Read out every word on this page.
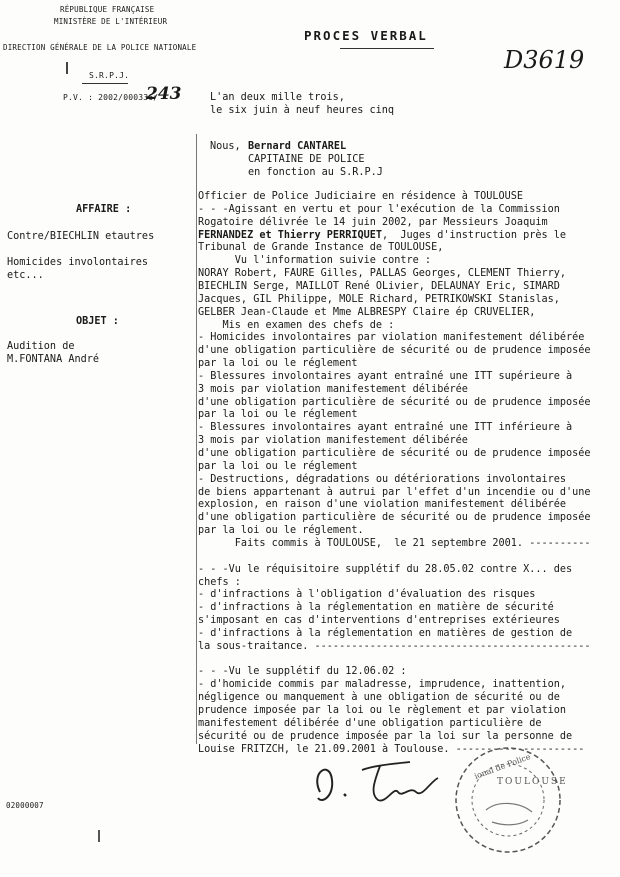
RÉPUBLIQUE FRANÇAISE
MINISTÈRE DE L'INTÉRIEUR
DIRECTION GÉNÉRALE DE LA POLICE NATIONALE
S.R.P.J.
P.V. : 2002/000336/
243
PROCES VERBAL
D3619
L'an deux mille trois,
le six juin à neuf heures cinq
Nous, Bernard CANTAREL
CAPITAINE DE POLICE
en fonction au S.R.P.J
AFFAIRE :
Contre/BIECHLIN etautres
Homicides involontaires
etc...
OBJET :
Audition de
M.FONTANA André
Officier de Police Judiciaire en résidence à TOULOUSE
- - -Agissant en vertu et pour l'exécution de la Commission
Rogatoire délivrée le 14 juin 2002, par Messieurs Joaquim
FERNANDEZ et Thierry PERRIQUET,  Juges d'instruction près le
Tribunal de Grande Instance de TOULOUSE,
Vu l'information suivie contre :
NORAY Robert, FAURE Gilles, PALLAS Georges, CLEMENT Thierry,
BIECHLIN Serge, MAILLOT René OLivier, DELAUNAY Eric, SIMARD
Jacques, GIL Philippe, MOLE Richard, PETRIKOWSKI Stanislas,
GELBER Jean-Claude et Mme ALBRESPY Claire ép CRUVELIER,
Mis en examen des chefs de :
- Homicides involontaires par violation manifestement délibérée
d'une obligation particulière de sécurité ou de prudence imposée
par la loi ou le réglement
- Blessures involontaires ayant entraîné une ITT supérieure à
3 mois par violation manifestement délibérée
d'une obligation particulière de sécurité ou de prudence imposée
par la loi ou le réglement
- Blessures involontaires ayant entraîné une ITT inférieure à
3 mois par violation manifestement délibérée
d'une obligation particulière de sécurité ou de prudence imposée
par la loi ou le réglement
- Destructions, dégradations ou détériorations involontaires
de biens appartenant à autrui par l'effet d'un incendie ou d'une
explosion, en raison d'une violation manifestement délibérée
d'une obligation particulière de sécurité ou de prudence imposée
par la loi ou le réglement.
Faits commis à TOULOUSE,  le 21 septembre 2001. ----------
- - -Vu le réquisitoire supplétif du 28.05.02 contre X... des
chefs :
- d'infractions à l'obligation d'évaluation des risques
- d'infractions à la réglementation en matière de sécurité
s'imposant en cas d'interventions d'entreprises extérieures
- d'infractions à la réglementation en matières de gestion de
la sous-traitance. ---------------------------------------------
- - -Vu le supplétif du 12.06.02 :
- d'homicide commis par maladresse, imprudence, inattention,
négligence ou manquement à une obligation de sécurité ou de
prudence imposée par la loi ou le règlement et par violation
manifestement délibérée d'une obligation particulière de
sécurité ou de prudence imposée par la loi sur la personne de
Louise FRITZCH, le 21.09.2001 à Toulouse. ---------------------
02000007
ional de Police
TOULOUSE
